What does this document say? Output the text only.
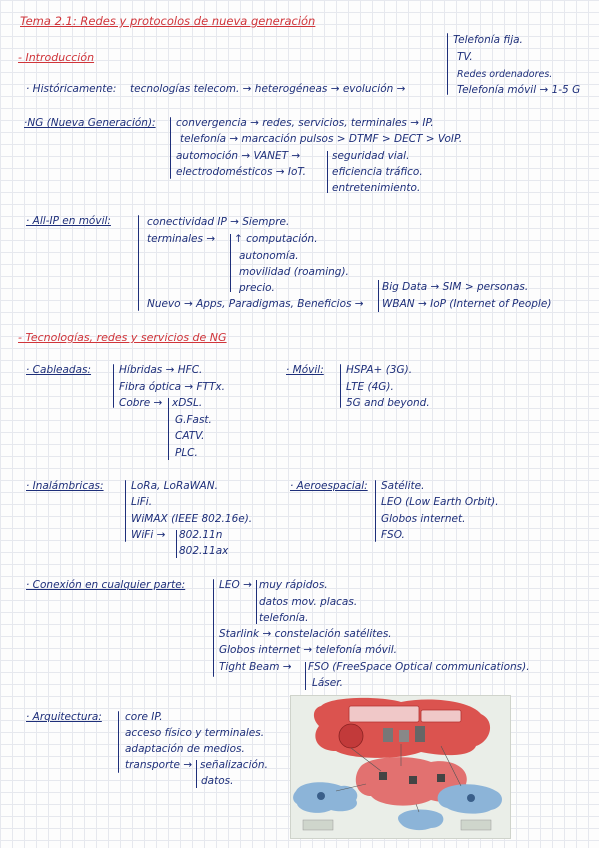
Tema 2.1: Redes y protocolos de nueva generación
- Introducción
· Históricamente: tecnologías telecom. → heterogéneas → evolución →
Telefonía fija.
TV.
Redes ordenadores.
Telefonía móvil → 1-5 G
·NG (Nueva Generación): convergencia → redes, servicios, terminales → IP.
telefonía → marcación pulsos > DTMF > DECT > VoIP.
automoción → VANET →
electrodomésticos → IoT.
seguridad vial.
eficiencia tráfico.
entretenimiento.
· All-IP en móvil:	conectividad IP → Siempre.
terminales → ↑ computación.
autonomía.
movilidad (roaming).
precio.
Nuevo → Apps, Paradigmas, Beneficios →
Big Data → SIM > personas.
WBAN → IoP (Internet of People)
- Tecnologías, redes y servicios de NG
· Cableadas:	Híbridas → HFC.
Fibra óptica → FTTx.
Cobre → xDSL.
G.Fast.
CATV.
PLC.
· Móvil: HSPA+ (3G).
LTE (4G).
5G and beyond.
· Inalámbricas:	LoRa, LoRaWAN.
LiFi.
WiMAX (IEEE 802.16e).
WiFi → 802.11n
802.11ax
· Aeroespacial: Satélite.
LEO (Low Earth Orbit).
Globos internet.
FSO.
· Conexión en cualquier parte:	LEO → muy rápidos.
datos mov. placas.
telefonía.
Starlink → constelación satélites.
Globos internet → telefonía móvil.
Tight Beam → FSO (FreeSpace Optical communications).
Láser.
· Arquitectura: core IP.
acceso físico y terminales.
adaptación de medios.
transporte → señalización.
datos.
